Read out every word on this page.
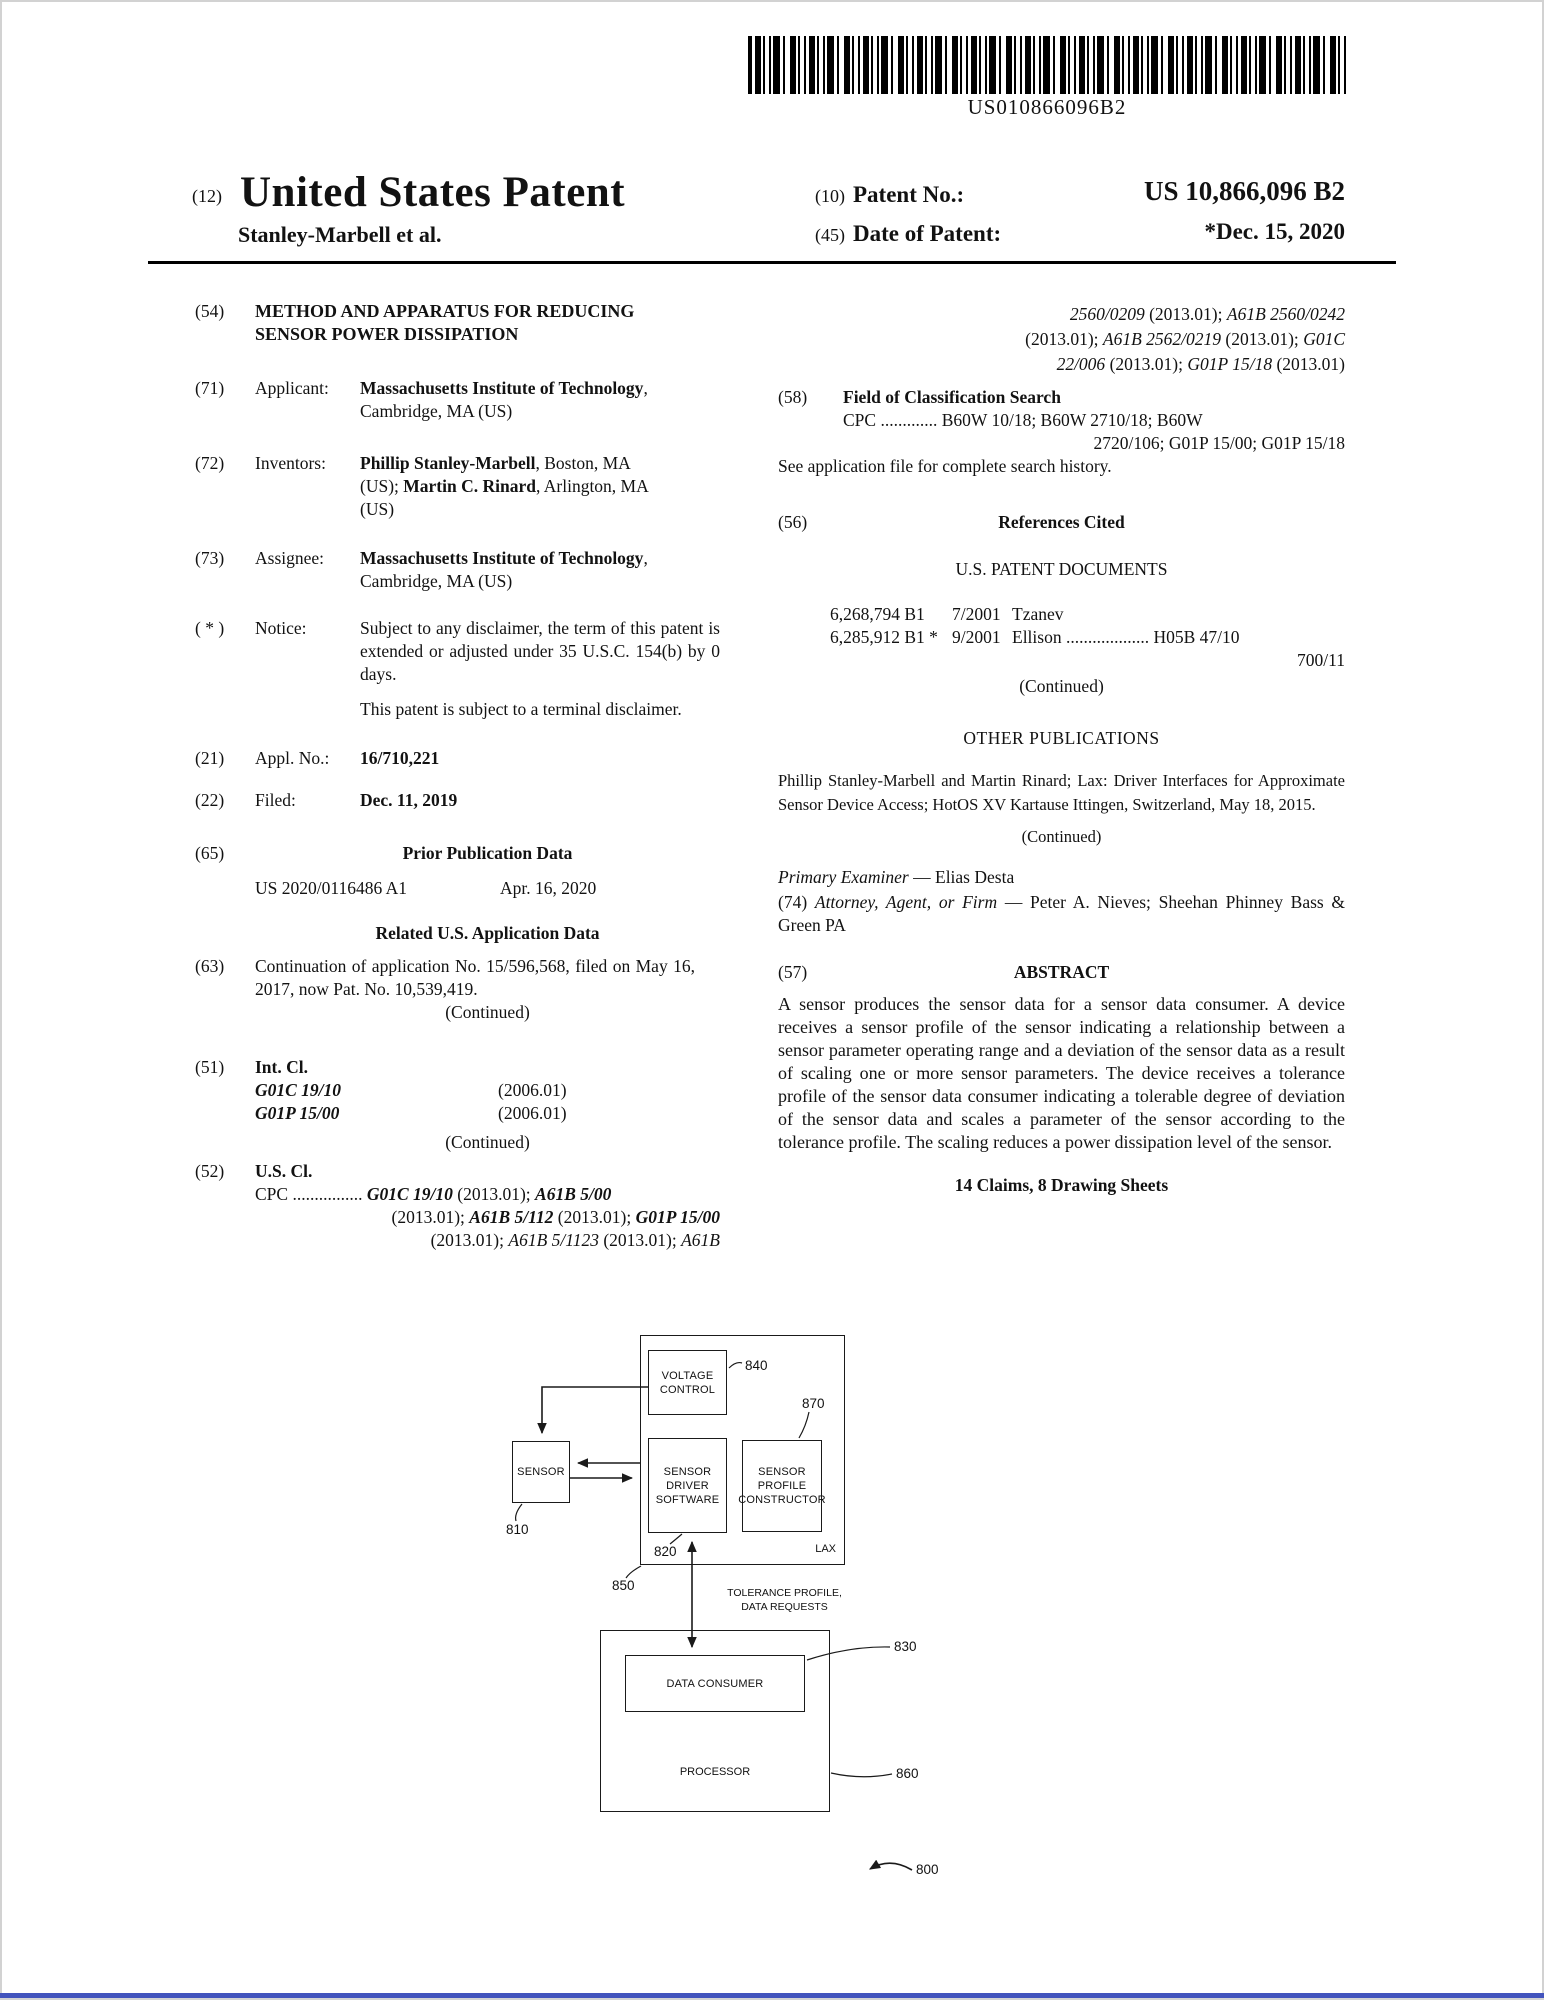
US010866096B2
(12) United States Patent
Stanley-Marbell et al.
(10) Patent No.:	US 10,866,096 B2
(45) Date of Patent:	*Dec. 15, 2020
(54)	METHOD AND APPARATUS FOR REDUCING SENSOR POWER DISSIPATION
(71)	Applicant:	Massachusetts Institute of Technology, Cambridge, MA (US)
(72)	Inventors:	Phillip Stanley-Marbell, Boston, MA (US); Martin C. Rinard, Arlington, MA (US)
(73)	Assignee:	Massachusetts Institute of Technology, Cambridge, MA (US)
( * )	Notice:	Subject to any disclaimer, the term of this patent is extended or adjusted under 35 U.S.C. 154(b) by 0 days.
This patent is subject to a terminal disclaimer.
(21)	Appl. No.:	16/710,221
(22)	Filed:	Dec. 11, 2019
(65)	Prior Publication Data
US 2020/0116486 A1	Apr. 16, 2020
Related U.S. Application Data
(63)	Continuation of application No. 15/596,568, filed on May 16, 2017, now Pat. No. 10,539,419.
(Continued)
(51)	Int. Cl.
G01C 19/10	(2006.01)
G01P 15/00	(2006.01)
(Continued)
(52)	U.S. Cl.
CPC ................ G01C 19/10 (2013.01); A61B 5/00
(2013.01); A61B 5/112 (2013.01); G01P 15/00
(2013.01); A61B 5/1123 (2013.01); A61B
2560/0209 (2013.01); A61B 2560/0242
(2013.01); A61B 2562/0219 (2013.01); G01C
22/006 (2013.01); G01P 15/18 (2013.01)
(58)	Field of Classification Search
CPC ............. B60W 10/18; B60W 2710/18; B60W
2720/106; G01P 15/00; G01P 15/18
See application file for complete search history.
(56)	References Cited
U.S. PATENT DOCUMENTS
6,268,794 B1	7/2001 Tzanev
6,285,912 B1 * 9/2001 Ellison ................... H05B 47/10
700/11
(Continued)
OTHER PUBLICATIONS
Phillip Stanley-Marbell and Martin Rinard; Lax: Driver Interfaces for Approximate Sensor Device Access; HotOS XV Kartause Ittingen, Switzerland, May 18, 2015.
(Continued)
Primary Examiner — Elias Desta
(74) Attorney, Agent, or Firm — Peter A. Nieves; Sheehan Phinney Bass & Green PA
(57)	ABSTRACT
A sensor produces the sensor data for a sensor data consumer. A device receives a sensor profile of the sensor indicating a relationship between a sensor parameter operating range and a deviation of the sensor data as a result of scaling one or more sensor parameters. The device receives a tolerance profile of the sensor data consumer indicating a tolerable degree of deviation of the sensor data and scales a parameter of the sensor according to the tolerance profile. The scaling reduces a power dissipation level of the sensor.
14 Claims, 8 Drawing Sheets
VOLTAGE
CONTROL
SENSOR
DRIVER
SOFTWARE
SENSOR
PROFILE
CONSTRUCTOR
LAX
SENSOR
TOLERANCE PROFILE,
DATA REQUESTS
DATA CONSUMER
PROCESSOR
840
870
810
820
850
830
860
800
